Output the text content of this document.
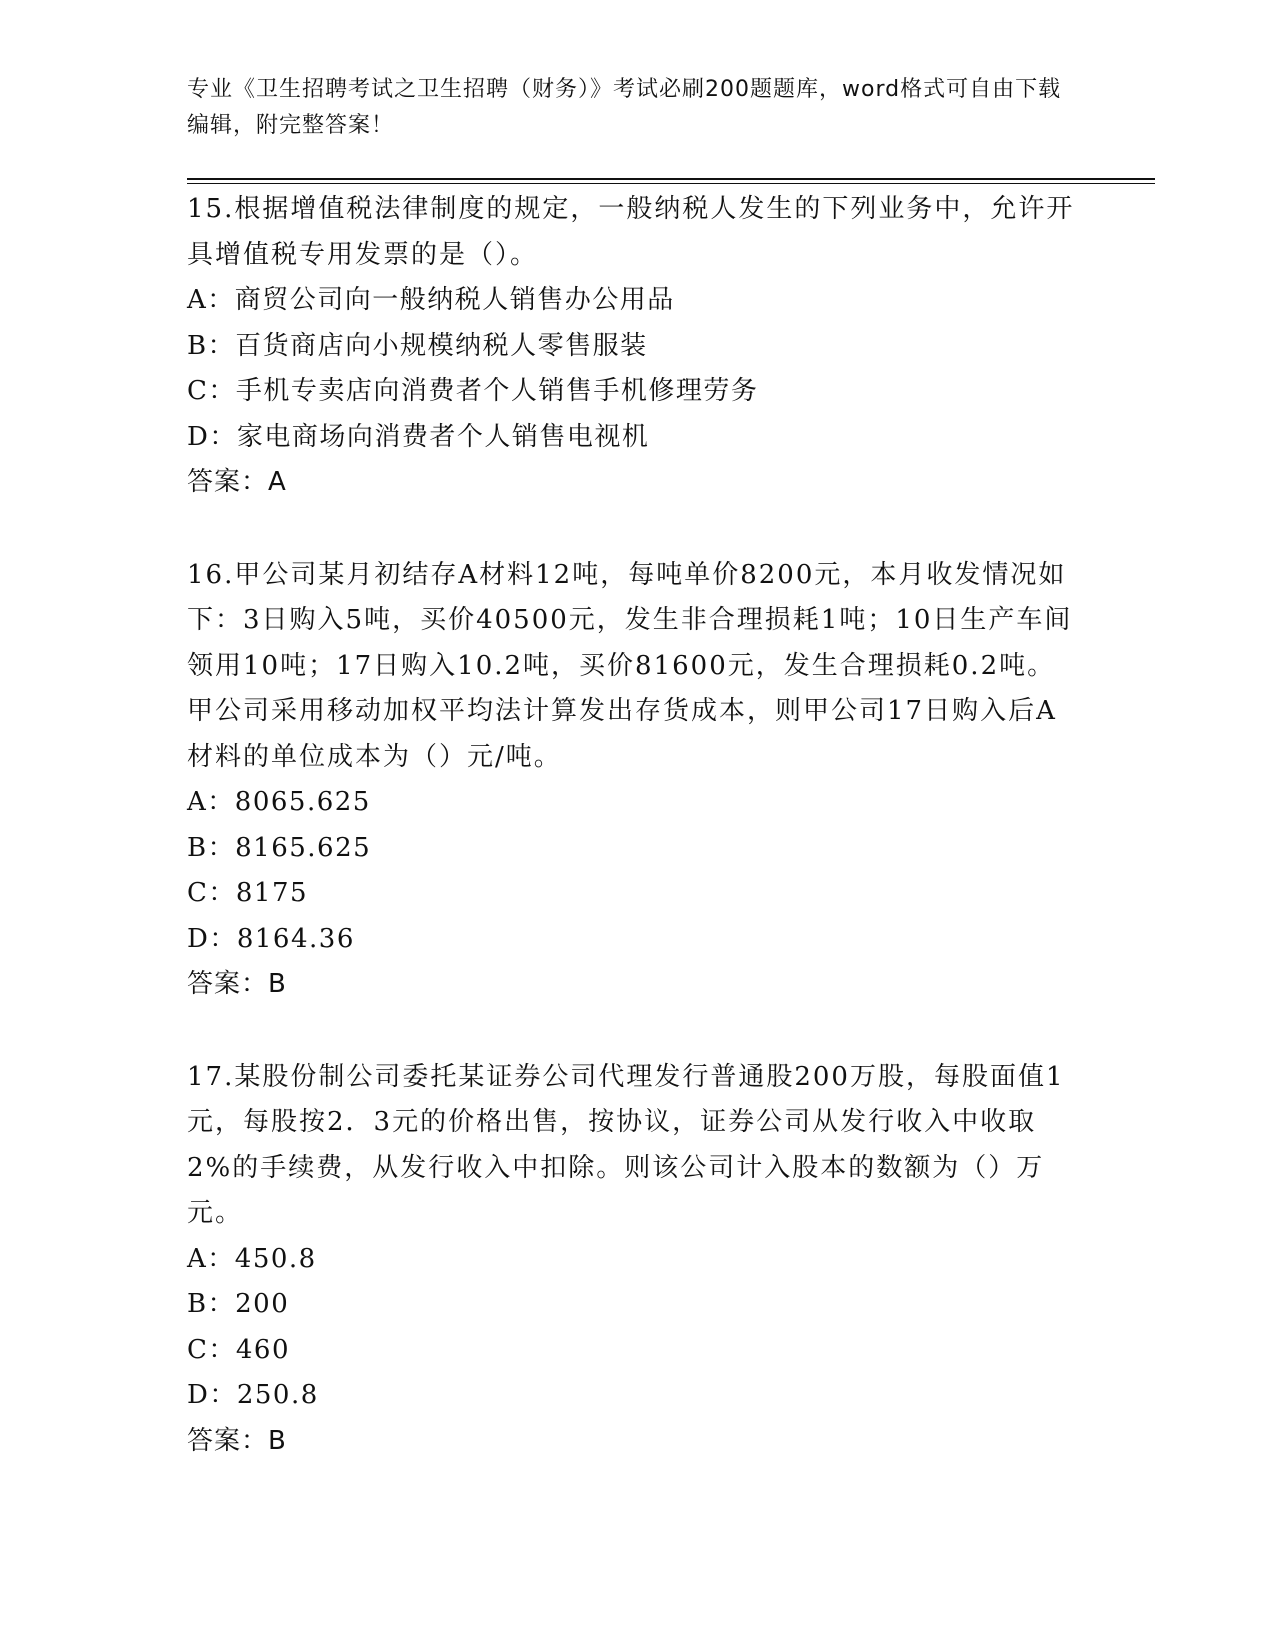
专业《卫生招聘考试之卫生招聘（财务）》考试必刷200题题库，word格式可自由下载编辑，附完整答案！

15.根据增值税法律制度的规定，一般纳税人发生的下列业务中，允许开具增值税专用发票的是（）。

A：商贸公司向一般纳税人销售办公用品

B：百货商店向小规模纳税人零售服装

C：手机专卖店向消费者个人销售手机修理劳务

D：家电商场向消费者个人销售电视机

答案：A

16.甲公司某月初结存A材料12吨，每吨单价8200元，本月收发情况如下：3日购入5吨，买价40500元，发生非合理损耗1吨；10日生产车间领用10吨；17日购入10.2吨，买价81600元，发生合理损耗0.2吨。甲公司采用移动加权平均法计算发出存货成本，则甲公司17日购入后A材料的单位成本为（）元/吨。

A：8065.625

B：8165.625

C：8175

D：8164.36

答案：B

17.某股份制公司委托某证券公司代理发行普通股200万股，每股面值1元，每股按2．3元的价格出售，按协议，证券公司从发行收入中收取2%的手续费，从发行收入中扣除。则该公司计入股本的数额为（）万元。

A：450.8

B：200

C：460

D：250.8

答案：B
